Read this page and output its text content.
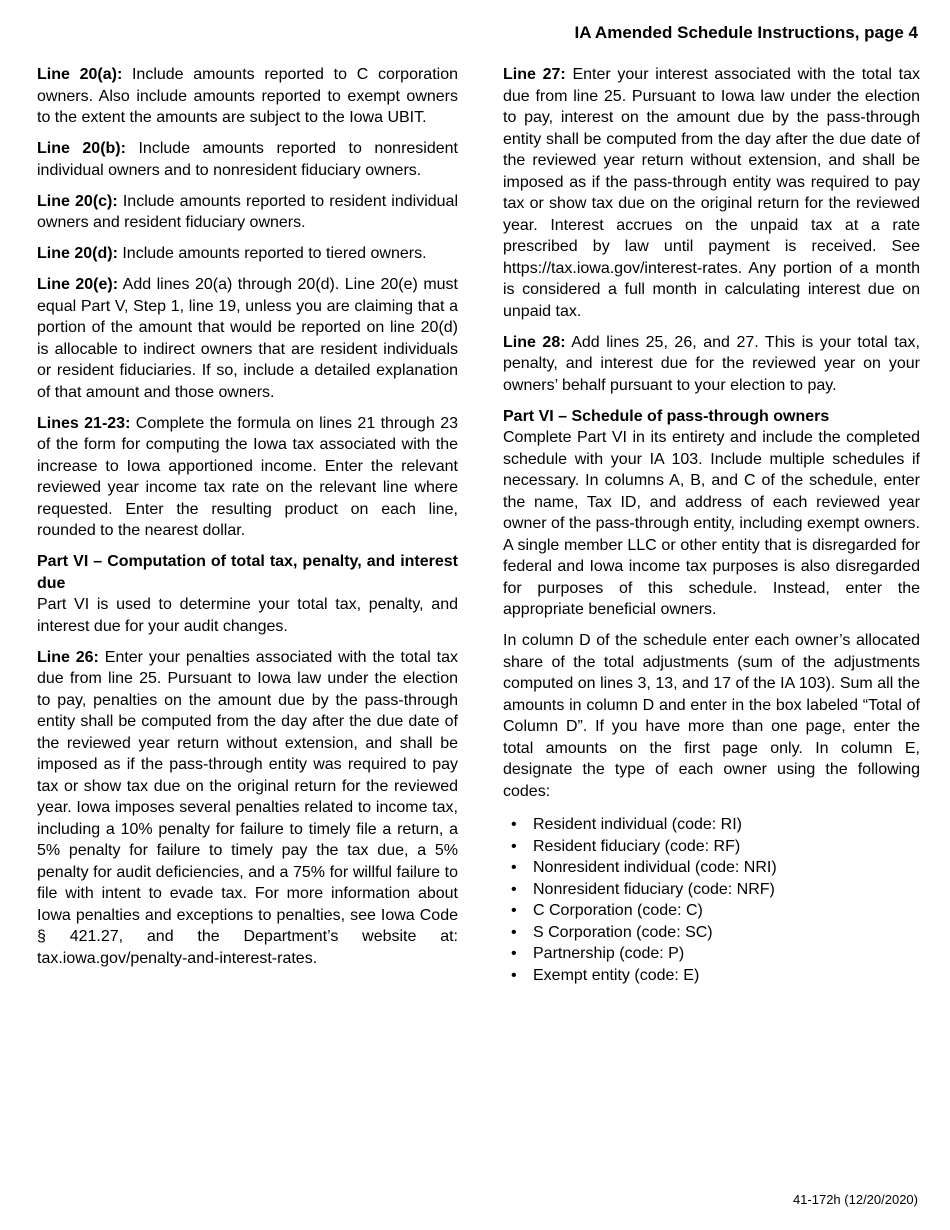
IA Amended Schedule Instructions, page 4

Line 20(a): Include amounts reported to C corporation owners. Also include amounts reported to exempt owners to the extent the amounts are subject to the Iowa UBIT.

Line 20(b): Include amounts reported to nonresident individual owners and to nonresident fiduciary owners.

Line 20(c): Include amounts reported to resident individual owners and resident fiduciary owners.

Line 20(d): Include amounts reported to tiered owners.

Line 20(e): Add lines 20(a) through 20(d). Line 20(e) must equal Part V, Step 1, line 19, unless you are claiming that a portion of the amount that would be reported on line 20(d) is allocable to indirect owners that are resident individuals or resident fiduciaries. If so, include a detailed explanation of that amount and those owners.

Lines 21-23: Complete the formula on lines 21 through 23 of the form for computing the Iowa tax associated with the increase to Iowa apportioned income. Enter the relevant reviewed year income tax rate on the relevant line where requested. Enter the resulting product on each line, rounded to the nearest dollar.

Part VI – Computation of total tax, penalty, and interest due
Part VI is used to determine your total tax, penalty, and interest due for your audit changes.

Line 26: Enter your penalties associated with the total tax due from line 25. Pursuant to Iowa law under the election to pay, penalties on the amount due by the pass-through entity shall be computed from the day after the due date of the reviewed year return without extension, and shall be imposed as if the pass-through entity was required to pay tax or show tax due on the original return for the reviewed year. Iowa imposes several penalties related to income tax, including a 10% penalty for failure to timely file a return, a 5% penalty for failure to timely pay the tax due, a 5% penalty for audit deficiencies, and a 75% for willful failure to file with intent to evade tax. For more information about Iowa penalties and exceptions to penalties, see Iowa Code § 421.27, and the Department’s website at: tax.iowa.gov/penalty-and-interest-rates.

Line 27: Enter your interest associated with the total tax due from line 25. Pursuant to Iowa law under the election to pay, interest on the amount due by the pass-through entity shall be computed from the day after the due date of the reviewed year return without extension, and shall be imposed as if the pass-through entity was required to pay tax or show tax due on the original return for the reviewed year. Interest accrues on the unpaid tax at a rate prescribed by law until payment is received. See https://tax.iowa.gov/interest-rates. Any portion of a month is considered a full month in calculating interest due on unpaid tax.

Line 28: Add lines 25, 26, and 27. This is your total tax, penalty, and interest due for the reviewed year on your owners’ behalf pursuant to your election to pay.

Part VI – Schedule of pass-through owners
Complete Part VI in its entirety and include the completed schedule with your IA 103. Include multiple schedules if necessary. In columns A, B, and C of the schedule, enter the name, Tax ID, and address of each reviewed year owner of the pass-through entity, including exempt owners. A single member LLC or other entity that is disregarded for federal and Iowa income tax purposes is also disregarded for purposes of this schedule. Instead, enter the appropriate beneficial owners.

In column D of the schedule enter each owner’s allocated share of the total adjustments (sum of the adjustments computed on lines 3, 13, and 17 of the IA 103). Sum all the amounts in column D and enter in the box labeled “Total of Column D”. If you have more than one page, enter the total amounts on the first page only. In column E, designate the type of each owner using the following codes:

• Resident individual (code: RI)
• Resident fiduciary (code: RF)
• Nonresident individual (code: NRI)
• Nonresident fiduciary (code: NRF)
• C Corporation (code: C)
• S Corporation (code: SC)
• Partnership (code: P)
• Exempt entity (code: E)
41-172h (12/20/2020)
